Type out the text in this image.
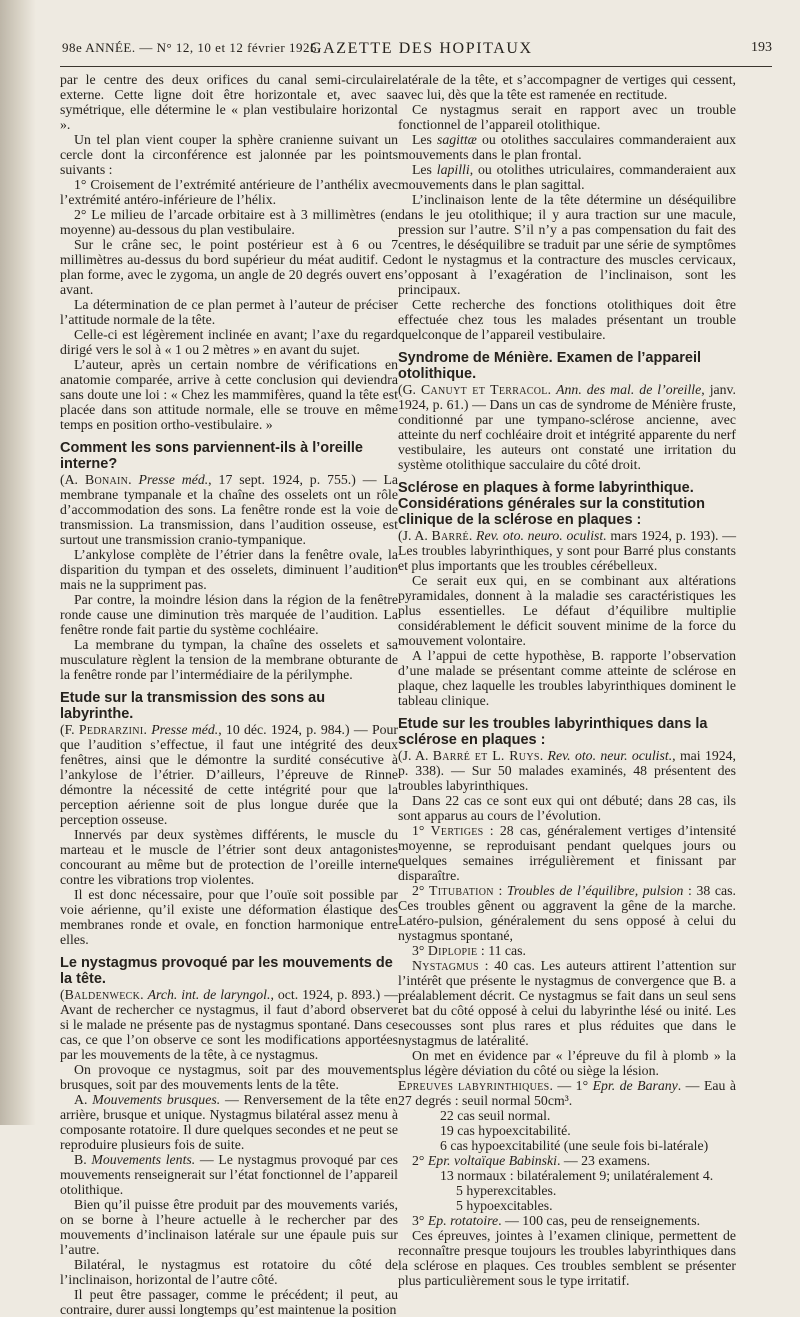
98e ANNÉE. — N° 12, 10 et 12 février 1925.
GAZETTE DES HOPITAUX	193

par le centre des deux orifices du canal semi-circulaire externe. Cette ligne doit être horizontale et, avec sa symétrique, elle détermine le « plan vestibulaire horizontal ».

Un tel plan vient couper la sphère cranienne suivant un cercle dont la circonférence est jalonnée par les points suivants :

1° Croisement de l’extrémité antérieure de l’anthélix avec l’extrémité antéro-inférieure de l’hélix.

2° Le milieu de l’arcade orbitaire est à 3 millimètres (en moyenne) au-dessous du plan vestibulaire.

Sur le crâne sec, le point postérieur est à 6 ou 7 millimètres au-dessus du bord supérieur du méat auditif. Ce plan forme, avec le zygoma, un angle de 20 degrés ouvert en avant.

La détermination de ce plan permet à l’auteur de préciser l’attitude normale de la tête.

Celle-ci est légèrement inclinée en avant; l’axe du regard dirigé vers le sol à « 1 ou 2 mètres » en avant du sujet.

L’auteur, après un certain nombre de vérifications en anatomie comparée, arrive à cette conclusion qui deviendra sans doute une loi : « Chez les mammifères, quand la tête est placée dans son attitude normale, elle se trouve en même temps en position ortho-vestibulaire. »

Comment les sons parviennent-ils à l’oreille interne?

(A. Bonain. Presse méd., 17 sept. 1924, p. 755.) — La membrane tympanale et la chaîne des osselets ont un rôle d’accommodation des sons. La fenêtre ronde est la voie de transmission. La transmission, dans l’audition osseuse, est surtout une transmission cranio-tympanique.

L’ankylose complète de l’étrier dans la fenêtre ovale, la disparition du tympan et des osselets, diminuent l’audition mais ne la suppriment pas.

Par contre, la moindre lésion dans la région de la fenêtre ronde cause une diminution très marquée de l’audition. La fenêtre ronde fait partie du système cochléaire.

La membrane du tympan, la chaîne des osselets et sa musculature règlent la tension de la membrane obturante de la fenêtre ronde par l’intermédiaire de la périlymphe.

Etude sur la transmission des sons au labyrinthe.

(F. Pedrarzini. Presse méd., 10 déc. 1924, p. 984.) — Pour que l’audition s’effectue, il faut une intégrité des deux fenêtres, ainsi que le démontre la surdité consécutive à l’ankylose de l’étrier. D’ailleurs, l’épreuve de Rinne démontre la nécessité de cette intégrité pour que la perception aérienne soit de plus longue durée que la perception osseuse.

Innervés par deux systèmes différents, le muscle du marteau et le muscle de l’étrier sont deux antagonistes concourant au même but de protection de l’oreille interne contre les vibrations trop violentes.

Il est donc nécessaire, pour que l’ouïe soit possible par voie aérienne, qu’il existe une déformation élastique des membranes ronde et ovale, en fonction harmonique entre elles.

Le nystagmus provoqué par les mouvements de la tête.

(Baldenweck. Arch. int. de laryngol., oct. 1924, p. 893.) — Avant de rechercher ce nystagmus, il faut d’abord observer si le malade ne présente pas de nystagmus spontané. Dans ce cas, ce que l’on observe ce sont les modifications apportées par les mouvements de la tête, à ce nystagmus.

On provoque ce nystagmus, soit par des mouvements brusques, soit par des mouvements lents de la tête.

A. Mouvements brusques. — Renversement de la tête en arrière, brusque et unique. Nystagmus bilatéral assez menu à composante rotatoire. Il dure quelques secondes et ne peut se reproduire plusieurs fois de suite.

B. Mouvements lents. — Le nystagmus provoqué par ces mouvements renseignerait sur l’état fonctionnel de l’appareil otolithique.

Bien qu’il puisse être produit par des mouvements variés, on se borne à l’heure actuelle à le rechercher par des mouvements d’inclinaison latérale sur une épaule puis sur l’autre.

Bilatéral, le nystagmus est rotatoire du côté de l’inclinaison, horizontal de l’autre côté.

Il peut être passager, comme le précédent; il peut, au contraire, durer aussi longtemps qu’est maintenue la position

latérale de la tête, et s’accompagner de vertiges qui cessent, avec lui, dès que la tête est ramenée en rectitude.

Ce nystagmus serait en rapport avec un trouble fonctionnel de l’appareil otolithique.

Les sagittæ ou otolithes sacculaires commanderaient aux mouvements dans le plan frontal.

Les lapilli, ou otolithes utriculaires, commanderaient aux mouvements dans le plan sagittal.

L’inclinaison lente de la tête détermine un déséquilibre dans le jeu otolithique; il y aura traction sur une macule, pression sur l’autre. S’il n’y a pas compensation du fait des centres, le déséquilibre se traduit par une série de symptômes dont le nystagmus et la contracture des muscles cervicaux, s’opposant à l’exagération de l’inclinaison, sont les principaux.

Cette recherche des fonctions otolithiques doit être effectuée chez tous les malades présentant un trouble quelconque de l’appareil vestibulaire.

Syndrome de Ménière. Examen de l’appareil otolithique.

(G. Canuyt et Terracol. Ann. des mal. de l’oreille, janv. 1924, p. 61.) — Dans un cas de syndrome de Ménière fruste, conditionné par une tympano-sclérose ancienne, avec atteinte du nerf cochléaire droit et intégrité apparente du nerf vestibulaire, les auteurs ont constaté une irritation du système otolithique sacculaire du côté droit.

Sclérose en plaques à forme labyrinthique. Considérations générales sur la constitution clinique de la sclérose en plaques :

(J. A. Barré. Rev. oto. neuro. oculist. mars 1924, p. 193). — Les troubles labyrinthiques, y sont pour Barré plus constants et plus importants que les troubles cérébelleux.

Ce serait eux qui, en se combinant aux altérations pyramidales, donnent à la maladie ses caractéristiques les plus essentielles. Le défaut d’équilibre multiplie considérablement le déficit souvent minime de la force du mouvement volontaire.

A l’appui de cette hypothèse, B. rapporte l’observation d’une malade se présentant comme atteinte de sclérose en plaque, chez laquelle les troubles labyrinthiques dominent le tableau clinique.

Etude sur les troubles labyrinthiques dans la sclérose en plaques :

(J. A. Barré et L. Ruys. Rev. oto. neur. oculist., mai 1924, p. 338). — Sur 50 malades examinés, 48 présentent des troubles labyrinthiques.

Dans 22 cas ce sont eux qui ont débuté; dans 28 cas, ils sont apparus au cours de l’évolution.

1° Vertiges : 28 cas, généralement vertiges d’intensité moyenne, se reproduisant pendant quelques jours ou quelques semaines irrégulièrement et finissant par disparaître.

2° Titubation : Troubles de l’équilibre, pulsion : 38 cas. Ces troubles gênent ou aggravent la gêne de la marche. Latéro-pulsion, généralement du sens opposé à celui du nystagmus spontané,

3° Diplopie : 11 cas.

Nystagmus : 40 cas. Les auteurs attirent l’attention sur l’intérêt que présente le nystagmus de convergence que B. a préalablement décrit. Ce nystagmus se fait dans un seul sens et bat du côté opposé à celui du labyrinthe lésé ou inité. Les secousses sont plus rares et plus réduites que dans le nystagmus de latéralité.

On met en évidence par « l’épreuve du fil à plomb » la plus légère déviation du côté ou siège la lésion.

Epreuves labyrinthiques. — 1° Epr. de Barany. — Eau à 27 degrés : seuil normal 50cm³.

22 cas seuil normal.

19 cas hypoexcitabilité.

6 cas hypoexcitabilité (une seule fois bi-latérale)

2° Epr. voltaïque Babinski. — 23 examens.

13 normaux : bilatéralement 9; unilatéralement 4.

5 hyperexcitables.

5 hypoexcitables.

3° Ep. rotatoire. — 100 cas, peu de renseignements.

Ces épreuves, jointes à l’examen clinique, permettent de reconnaître presque toujours les troubles labyrinthiques dans la sclérose en plaques. Ces troubles semblent se présenter plus particulièrement sous le type irritatif.
